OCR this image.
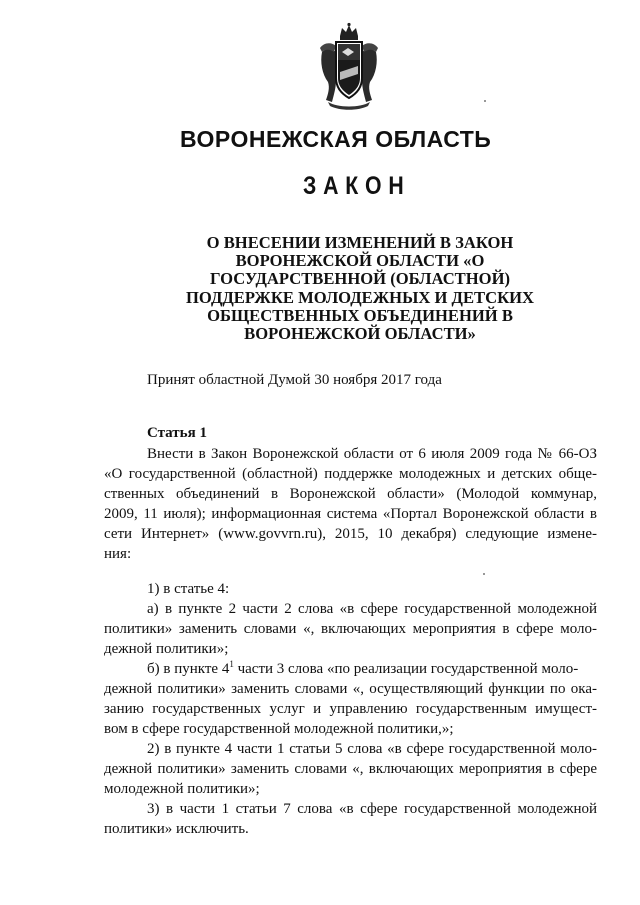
ВОРОНЕЖСКАЯ ОБЛАСТЬ
ЗАКОН
О ВНЕСЕНИИ ИЗМЕНЕНИЙ В ЗАКОН
ВОРОНЕЖСКОЙ ОБЛАСТИ «О
ГОСУДАРСТВЕННОЙ (ОБЛАСТНОЙ)
ПОДДЕРЖКЕ МОЛОДЕЖНЫХ И ДЕТСКИХ
ОБЩЕСТВЕННЫХ ОБЪЕДИНЕНИЙ В
ВОРОНЕЖСКОЙ ОБЛАСТИ»
Принят областной Думой 30 ноября 2017 года
Статья 1

Внести в Закон Воронежской области от 6 июля 2009 года № 66-ОЗ

«О государственной (областной) поддержке молодежных и детских обще-

ственных объединений в Воронежской области» (Молодой коммунар,

2009, 11 июля); информационная система «Портал Воронежской области в

сети Интернет» (www.govvrn.ru), 2015, 10 декабря) следующие измене-

ния:

1) в статье 4:

а) в пункте 2 части 2 слова «в сфере государственной молодежной

политики» заменить словами «, включающих мероприятия в сфере моло-

дежной политики»;

б) в пункте $4^1$ части 3 слова «по реализации государственной моло-

дежной политики» заменить словами «, осуществляющий функции по ока-

занию государственных услуг и управлению государственным имущест-

вом в сфере государственной молодежной политики,»;

2) в пункте 4 части 1 статьи 5 слова «в сфере государственной моло-

дежной политики» заменить словами «, включающих мероприятия в сфере

молодежной политики»;

3) в части 1 статьи 7 слова «в сфере государственной молодежной

политики» исключить.
